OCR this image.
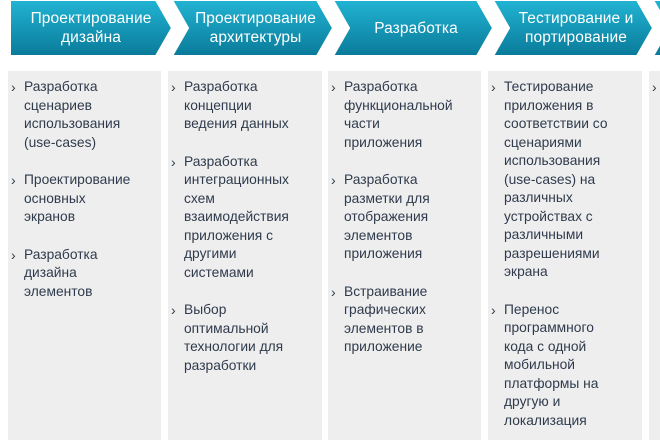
Проектирование
дизайна
Проектирование
архитектуры
Разработка
Тестирование и
портирование
› Разработка
сценариев
использования
(use-cases)
› Проектирование
основных
экранов
› Разработка
дизайна
элементов
› Разработка
концепции
ведения данных
› Разработка
интеграционных
схем
взаимодействия
приложения с
другими
системами
› Выбор
оптимальной
технологии для
разработки
› Разработка
функциональной
части
приложения
› Разработка
разметки для
отображения
элементов
приложения
› Встраивание
графических
элементов в
приложение
› Тестирование
приложения в
соответствии со
сценариями
использования
(use-cases) на
различных
устройствах с
различными
разрешениями
экрана
› Перенос
программного
кода с одной
мобильной
платформы на
другую и
локализация
›
